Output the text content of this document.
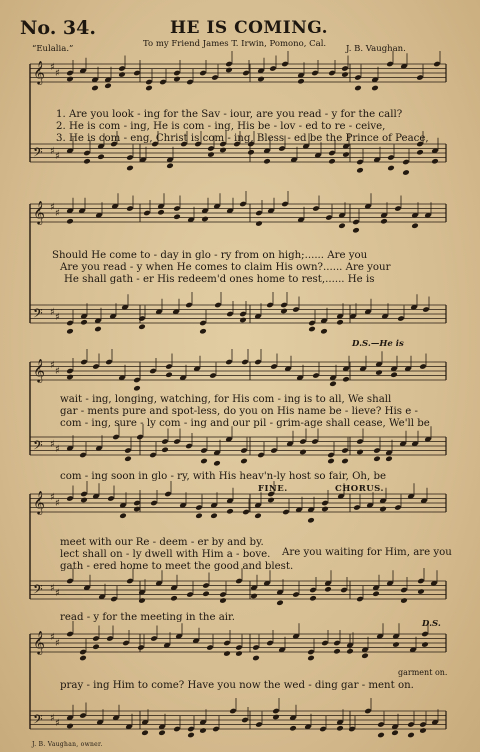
𝄞 ♯
♯
𝄢 ♯ ♯
𝄞 ♯
♯
𝄢 ♯ ♯
𝄞 ♯
♯
𝄢 ♯ ♯
𝄞 ♯
♯
𝄢 ♯ ♯
𝄞 ♯
♯
𝄢 ♯ ♯
No. 34.	HE IS COMING.
To my Friend James T. Irwin, Pomono, Cal.
“Eulalia.”	J. B. Vaughan.
1. Are you look - ing for the Sav - iour, are you read - y for the call?
2. He is com - ing, He is com - ing, His be - lov - ed to re - ceive,
3. He is com - eng, Christ is com - ing, Bless - ed be the Prince of Peace,
Should He come to - day in glo - ry from on high;...... Are you
Are you read - y when He comes to claim His own?...... Are your
He shall gath - er His redeem'd ones home to rest,...... He is
D.S.—He is
wait - ing, longing, watching, for His com - ing is to all, We shall
gar - ments pure and spot-less, do you on His name be - lieve? His e -
com - ing, sure - ly com - ing and our pil - grim-age shall cease, We'll be
com - ing soon in glo - ry, with His heav'n-ly host so fair, Oh, be
FINE.	CHORUS.
meet with our Re - deem - er by and by.
lect shall on - ly dwell with Him a - bove.
gath - ered home to meet the good and blest.
Are you waiting for Him, are you
read - y for the meeting in the air.
D.S.
garment on.
pray - ing Him to come? Have you now the wed - ding gar - ment on.
J. B. Vaughan, owner.
